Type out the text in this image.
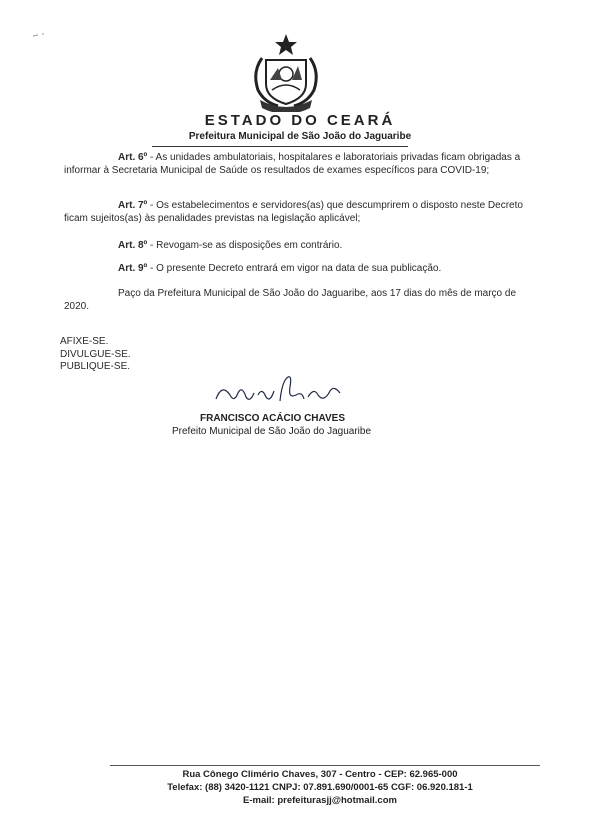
ESTADO DO CEARÁ
Prefeitura Municipal de São João do Jaguaribe

Art. 6º - As unidades ambulatoriais, hospitalares e laboratoriais privadas ficam obrigadas a informar à Secretaria Municipal de Saúde os resultados de exames específicos para COVID-19;

Art. 7º - Os estabelecimentos e servidores(as) que descumprirem o disposto neste Decreto ficam sujeitos(as) às penalidades previstas na legislação aplicável;

Art. 8º - Revogam-se as disposições em contrário.

Art. 9º - O presente Decreto entrará em vigor na data de sua publicação.

Paço da Prefeitura Municipal de São João do Jaguaribe, aos 17 dias do mês de março de 2020.

AFIXE-SE.
DIVULGUE-SE.
PUBLIQUE-SE.
FRANCISCO ACÁCIO CHAVES
Prefeito Municipal de São João do Jaguaribe
Rua Cônego Climério Chaves, 307 - Centro - CEP: 62.965-000
Telefax: (88) 3420-1121 CNPJ: 07.891.690/0001-65 CGF: 06.920.181-1
E-mail: prefeiturasjj@hotmail.com
